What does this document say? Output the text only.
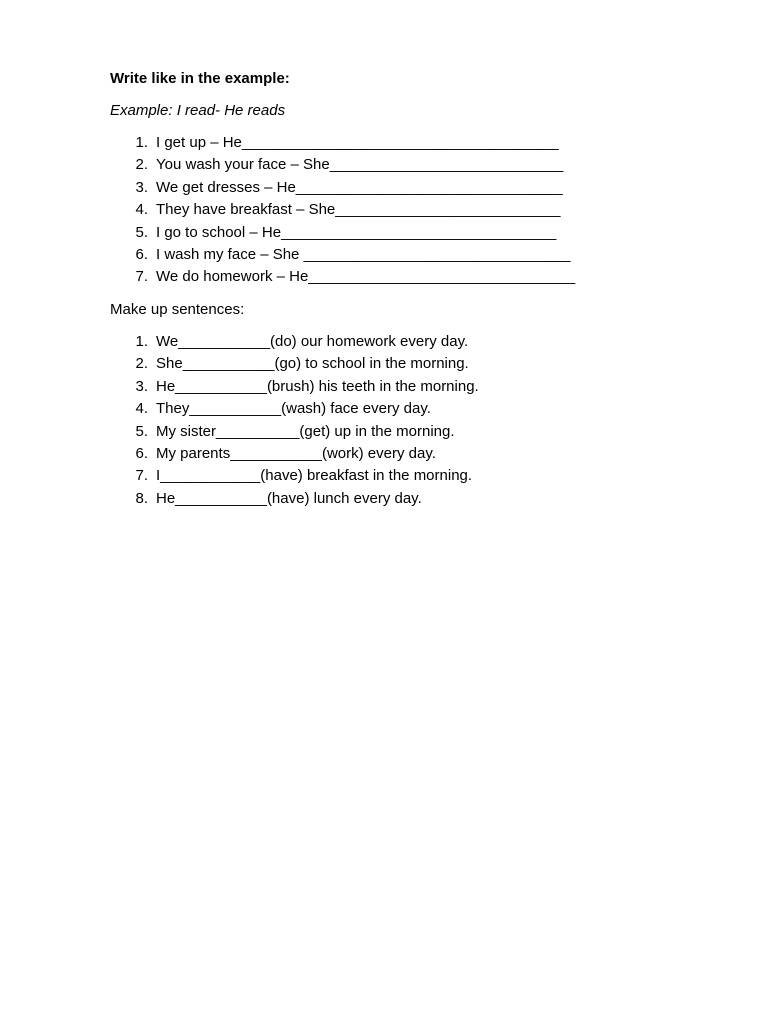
Write like in the example:
Example: I read- He reads
1. I get up – He______________________________________
2. You wash your face – She____________________________
3. We get dresses – He________________________________
4. They have breakfast – She___________________________
5. I go to school – He_________________________________
6. I wash my face – She ________________________________
7. We do homework – He________________________________
Make up sentences:
1. We___________(do) our homework every day.
2. She___________(go) to school in the morning.
3. He___________(brush) his teeth in the morning.
4. They___________(wash) face every day.
5. My sister__________(get) up in the morning.
6. My parents___________(work) every day.
7. I____________(have) breakfast in the morning.
8. He___________(have) lunch every day.
